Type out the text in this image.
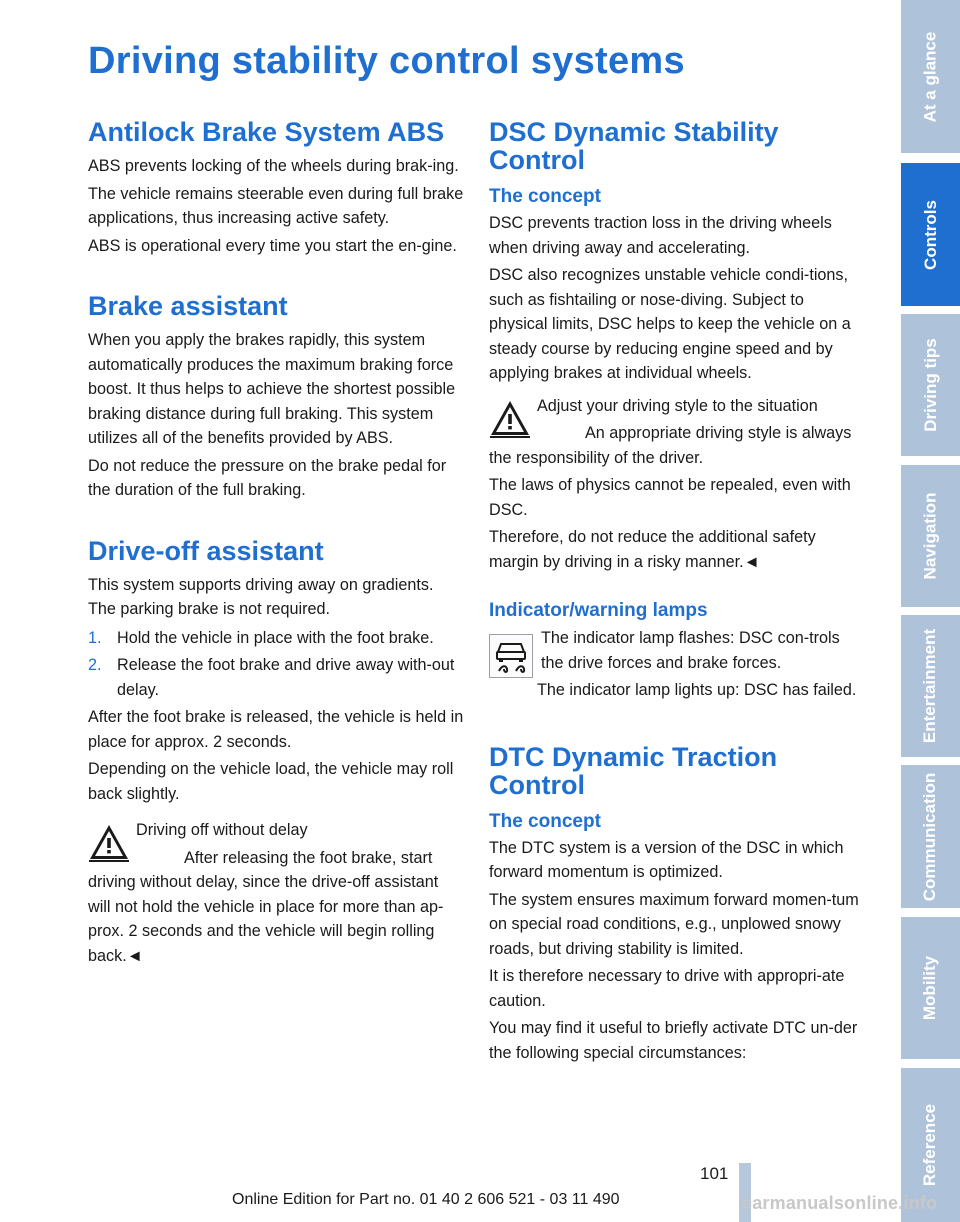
Driving stability control systems
Antilock Brake System ABS

ABS prevents locking of the wheels during brak-ing.

The vehicle remains steerable even during full brake applications, thus increasing active safety.

ABS is operational every time you start the en-gine.

Brake assistant

When you apply the brakes rapidly, this system automatically produces the maximum braking force boost. It thus helps to achieve the shortest possible braking distance during full braking. This system utilizes all of the benefits provided by ABS.

Do not reduce the pressure on the brake pedal for the duration of the full braking.

Drive-off assistant

This system supports driving away on gradients. The parking brake is not required.

1. Hold the vehicle in place with the foot brake.
2. Release the foot brake and drive away with-out delay.

After the foot brake is released, the vehicle is held in place for approx. 2 seconds.

Depending on the vehicle load, the vehicle may roll back slightly.

Driving off without delay

After releasing the foot brake, start driving without delay, since the drive-off assistant will not hold the vehicle in place for more than ap-prox. 2 seconds and the vehicle will begin rolling back.◄

DSC Dynamic Stability Control
The concept

DSC prevents traction loss in the driving wheels when driving away and accelerating.

DSC also recognizes unstable vehicle condi-tions, such as fishtailing or nose-diving. Subject to physical limits, DSC helps to keep the vehicle on a steady course by reducing engine speed and by applying brakes at individual wheels.

Adjust your driving style to the situation

An appropriate driving style is always the responsibility of the driver.

The laws of physics cannot be repealed, even with DSC.

Therefore, do not reduce the additional safety margin by driving in a risky manner.◄

Indicator/warning lamps

The indicator lamp flashes: DSC con-trols the drive forces and brake forces.

The indicator lamp lights up: DSC has failed.

DTC Dynamic Traction Control
The concept

The DTC system is a version of the DSC in which forward momentum is optimized.

The system ensures maximum forward momen-tum on special road conditions, e.g., unplowed snowy roads, but driving stability is limited.

It is therefore necessary to drive with appropri-ate caution.

You may find it useful to briefly activate DTC un-der the following special circumstances:

At a glance
Controls
Driving tips
Navigation
Entertainment
Communication
Mobility
Reference
101
Online Edition for Part no. 01 40 2 606 521 - 03 11 490	carmanualsonline.info
